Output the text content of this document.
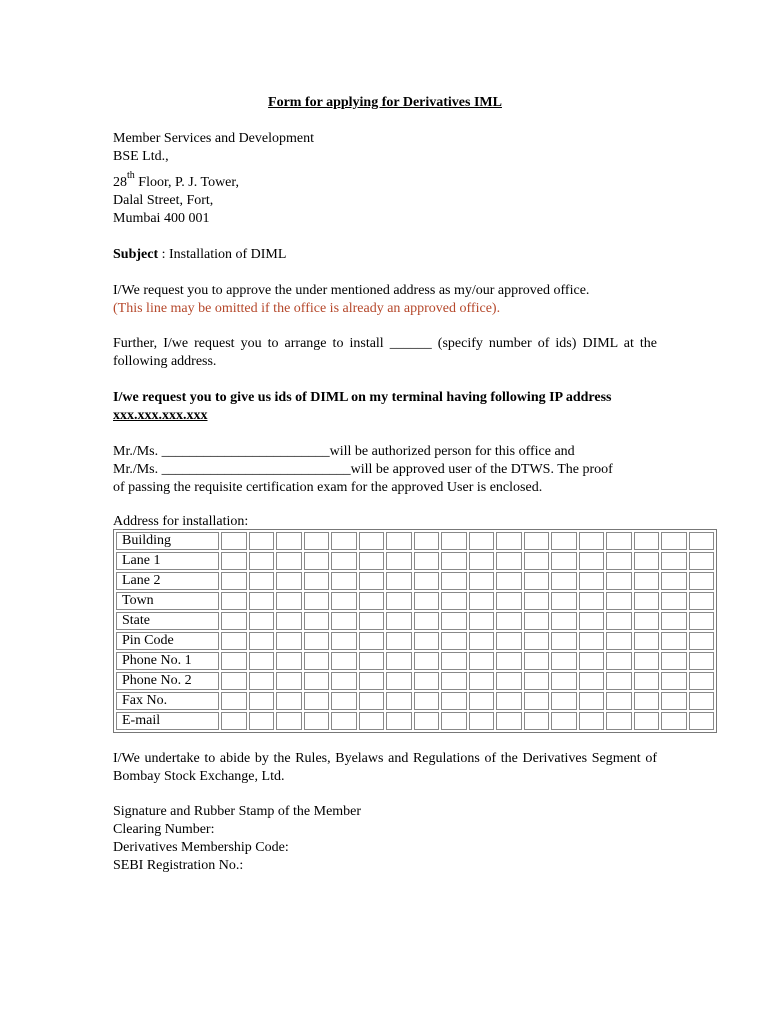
Form for applying for Derivatives IML
Member Services and Development
BSE Ltd.,
28th Floor, P. J. Tower,
Dalal Street, Fort,
Mumbai 400 001
Subject : Installation of DIML
I/We request you to approve the under mentioned address as my/our approved office.
(This line may be omitted if the office is already an approved office).
Further, I/we request you to arrange to install ______ (specify number of ids) DIML at the following address.
I/we request you to give us ids of DIML on my terminal having following IP address
xxx.xxx.xxx.xxx
Mr./Ms. ________________________will be authorized person for this office and
Mr./Ms. ___________________________will be approved user of the DTWS. The proof
of passing the requisite certification exam for the approved User is enclosed.
Address for installation:
Building																		
Lane 1																		
Lane 2																		
Town																		
State																		
Pin Code																		
Phone No. 1																		
Phone No. 2																		
Fax No.																		
E-mail																		
I/We undertake to abide by the Rules, Byelaws and Regulations of the Derivatives Segment of Bombay Stock Exchange, Ltd.
Signature and Rubber Stamp of the Member
Clearing Number:
Derivatives Membership Code:
SEBI Registration No.:
